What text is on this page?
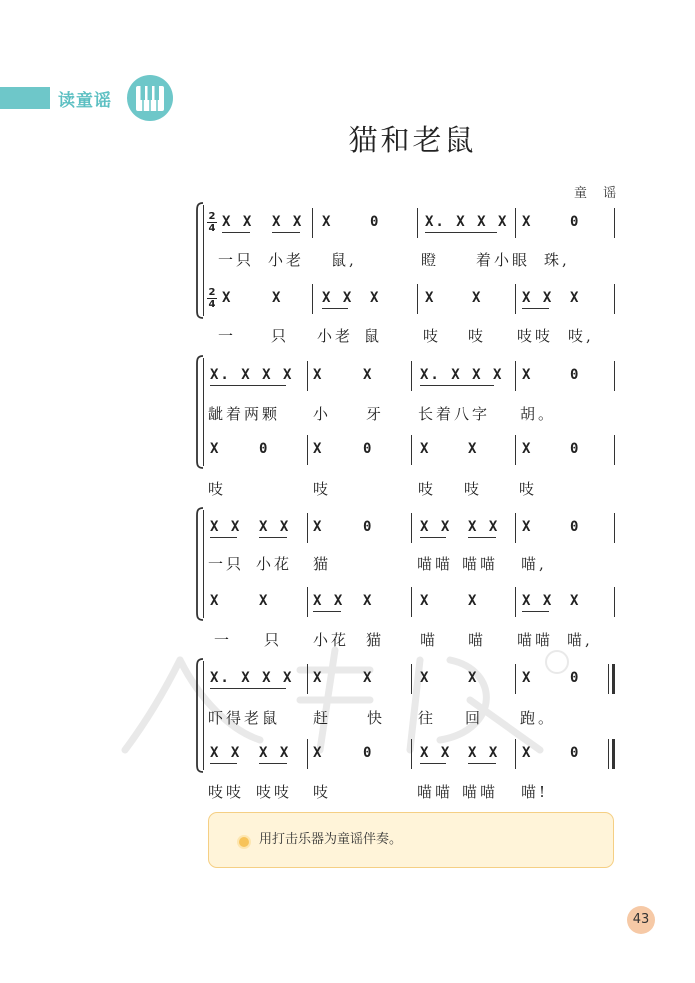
读童谣
猫和老鼠
童 谣
2
4 X X X X X	0	X. X X X X	0
一只 小老 鼠,	瞪 着小眼 珠,
2
4 X	X	X X X	X	X	X X X
一 只 小老 鼠	吱 吱 吱吱 吱,
X. X X X X	X	X. X X X X	0
龇 着两颗 小 牙 长 着八字 胡。
X	0	X	0	X	X	X	0
吱	吱	吱 吱 吱
X X X X X	0	X X X X X	0
一只 小花 猫	喵喵 喵喵 喵,
X	X	X X X	X	X	X X X
一 只 小花 猫 喵 喵 喵喵 喵,
X. X X X X	X	X	X	X	0
吓 得老鼠 赶 快 往 回 跑。
X X X X X	0	X X X X X	0
吱吱 吱吱 吱	喵喵 喵喵 喵!
用打击乐器为童谣伴奏。
43
